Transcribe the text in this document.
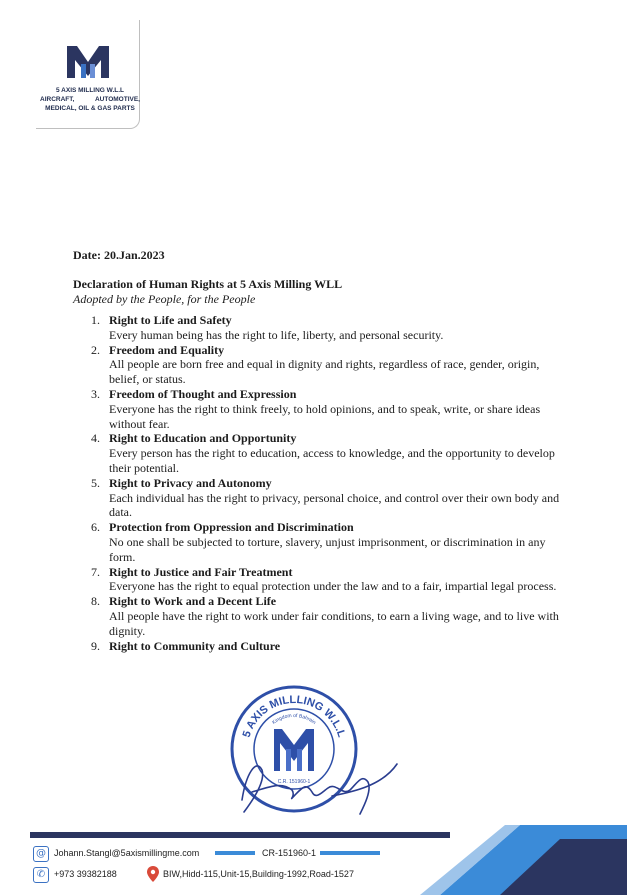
5 AXIS MILLING W.L.L
AIRCRAFT,	AUTOMOTIVE,
MEDICAL, OIL & GAS PARTS
Date: 20.Jan.2023
Declaration of Human Rights at 5 Axis Milling WLL
Adopted by the People, for the People
1. Right to Life and Safety
Every human being has the right to life, liberty, and personal security.
2. Freedom and Equality
All people are born free and equal in dignity and rights, regardless of race, gender, origin, belief, or status.
3. Freedom of Thought and Expression
Everyone has the right to think freely, to hold opinions, and to speak, write, or share ideas without fear.
4. Right to Education and Opportunity
Every person has the right to education, access to knowledge, and the opportunity to develop their potential.
5. Right to Privacy and Autonomy
Each individual has the right to privacy, personal choice, and control over their own body and data.
6. Protection from Oppression and Discrimination
No one shall be subjected to torture, slavery, unjust imprisonment, or discrimination in any form.
7. Right to Justice and Fair Treatment
Everyone has the right to equal protection under the law and to a fair, impartial legal process.
8. Right to Work and a Decent Life
All people have the right to work under fair conditions, to earn a living wage, and to live with dignity.
9. Right to Community and Culture
5 AXIS MILLLING W.L.L
Kingdom of Bahrain
C.R. 151960-1
@ Johann.Stangl@5axismillingme.com	CR-151960-1
✆ +973 39382188	BIW,Hidd-115,Unit-15,Building-1992,Road-1527
